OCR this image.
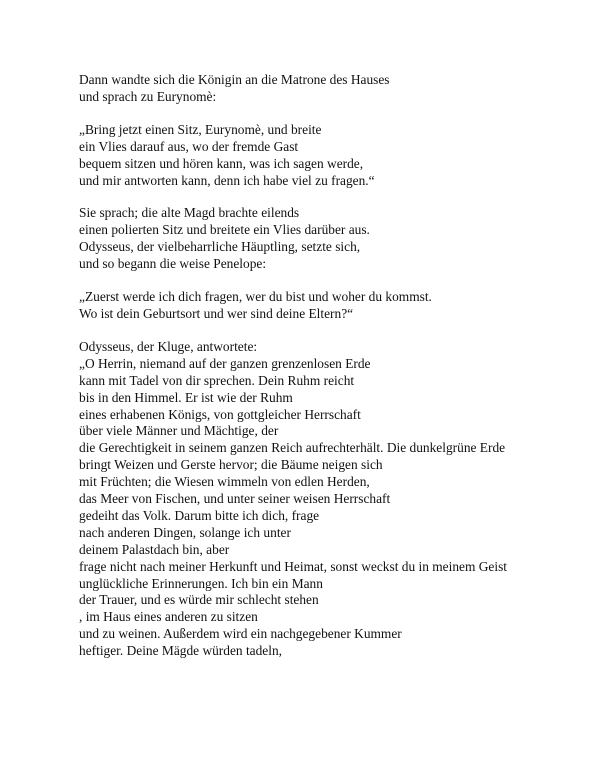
Dann wandte sich die Königin an die Matrone des Hauses
und sprach zu Eurynomè:
„Bring jetzt einen Sitz, Eurynomè, und breite
ein Vlies darauf aus, wo der fremde Gast
bequem sitzen und hören kann, was ich sagen werde,
und mir antworten kann, denn ich habe viel zu fragen.“
Sie sprach; die alte Magd brachte eilends
einen polierten Sitz und breitete ein Vlies darüber aus.
Odysseus, der vielbeharrliche Häuptling, setzte sich,
und so begann die weise Penelope:
„Zuerst werde ich dich fragen, wer du bist und woher du kommst.
Wo ist dein Geburtsort und wer sind deine Eltern?“
Odysseus, der Kluge, antwortete:
„O Herrin, niemand auf der ganzen grenzenlosen Erde
kann mit Tadel von dir sprechen. Dein Ruhm reicht
bis in den Himmel. Er ist wie der Ruhm
eines erhabenen Königs, von gottgleicher Herrschaft
über viele Männer und Mächtige, der
die Gerechtigkeit in seinem ganzen Reich aufrechterhält. Die dunkelgrüne Erde
bringt Weizen und Gerste hervor; die Bäume neigen sich
mit Früchten; die Wiesen wimmeln von edlen Herden,
das Meer von Fischen, und unter seiner weisen Herrschaft
gedeiht das Volk. Darum bitte ich dich, frage
nach anderen Dingen, solange ich unter
deinem Palastdach bin, aber
frage nicht nach meiner Herkunft und Heimat, sonst weckst du in meinem Geist
unglückliche Erinnerungen. Ich bin ein Mann
der Trauer, und es würde mir schlecht stehen
, im Haus eines anderen zu sitzen
und zu weinen. Außerdem wird ein nachgegebener Kummer
heftiger. Deine Mägde würden tadeln,
